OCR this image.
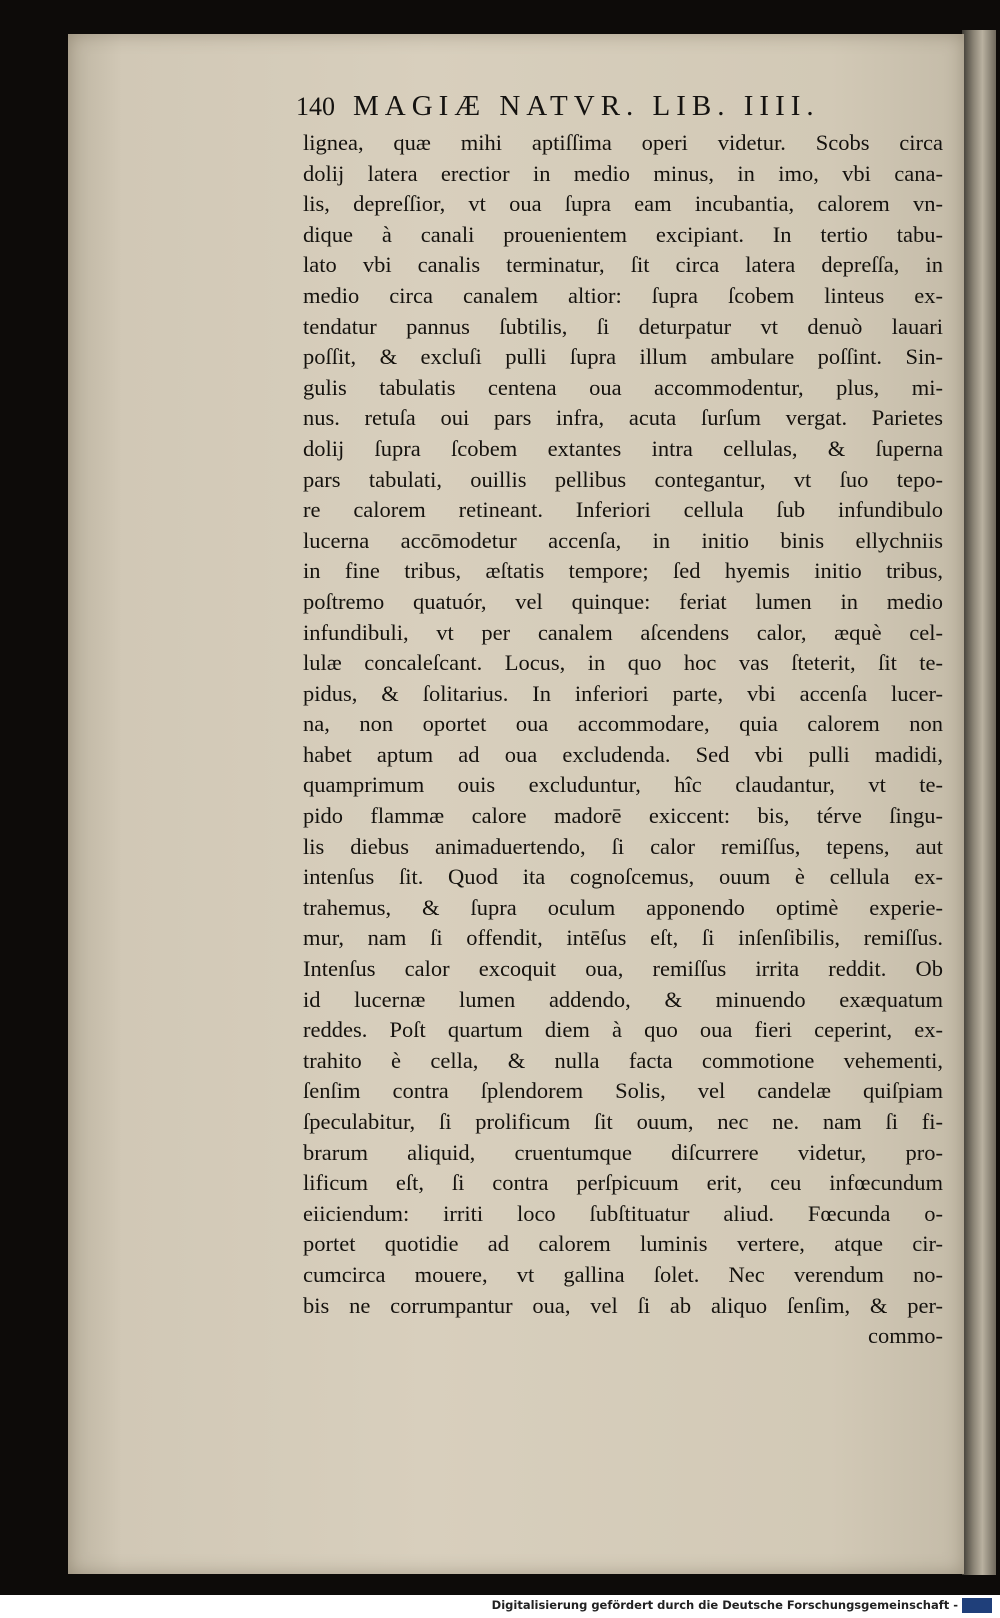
140 MAGIÆ NATVR. LIB. IIII.
lignea, quæ mihi aptiſſima operi videtur. Scobs circa
dolij latera erectior in medio minus, in imo, vbi cana-
lis, depreſſior, vt oua ſupra eam incubantia, calorem vn-
dique à canali prouenientem excipiant. In tertio tabu-
lato vbi canalis terminatur, ſit circa latera depreſſa, in
medio circa canalem altior: ſupra ſcobem linteus ex-
tendatur pannus ſubtilis, ſi deturpatur vt denuò lauari
poſſit, & excluſi pulli ſupra illum ambulare poſſint. Sin-
gulis tabulatis centena oua accommodentur, plus, mi-
nus. retuſa oui pars infra, acuta ſurſum vergat. Parietes
dolij ſupra ſcobem extantes intra cellulas, & ſuperna
pars tabulati, ouillis pellibus contegantur, vt ſuo tepo-
re calorem retineant. Inferiori cellula ſub infundibulo
lucerna accōmodetur accenſa, in initio binis ellychniis
in fine tribus, æſtatis tempore; ſed hyemis initio tribus,
poſtremo quatuór, vel quinque: feriat lumen in medio
infundibuli, vt per canalem aſcendens calor, æquè cel-
lulæ concaleſcant. Locus, in quo hoc vas ſteterit, ſit te-
pidus, & ſolitarius. In inferiori parte, vbi accenſa lucer-
na, non oportet oua accommodare, quia calorem non
habet aptum ad oua excludenda. Sed vbi pulli madidi,
quamprimum ouis excluduntur, hîc claudantur, vt te-
pido flammæ calore madorē exiccent: bis, térve ſingu-
lis diebus animaduertendo, ſi calor remiſſus, tepens, aut
intenſus ſit. Quod ita cognoſcemus, ouum è cellula ex-
trahemus, & ſupra oculum apponendo optimè experie-
mur, nam ſi offendit, intēſus eſt, ſi inſenſibilis, remiſſus.
Intenſus calor excoquit oua, remiſſus irrita reddit. Ob
id lucernæ lumen addendo, & minuendo exæquatum
reddes. Poſt quartum diem à quo oua fieri ceperint, ex-
trahito è cella, & nulla facta commotione vehementi,
ſenſim contra ſplendorem Solis, vel candelæ quiſpiam
ſpeculabitur, ſi prolificum ſit ouum, nec ne. nam ſi fi-
brarum aliquid, cruentumque diſcurrere videtur, pro-
lificum eſt, ſi contra perſpicuum erit, ceu infœcundum
eiiciendum: irriti loco ſubſtituatur aliud. Fœcunda o-
portet quotidie ad calorem luminis vertere, atque cir-
cumcirca mouere, vt gallina ſolet. Nec verendum no-
bis ne corrumpantur oua, vel ſi ab aliquo ſenſim, & per-
commo-
Digitalisierung gefördert durch die Deutsche Forschungsgemeinschaft -
